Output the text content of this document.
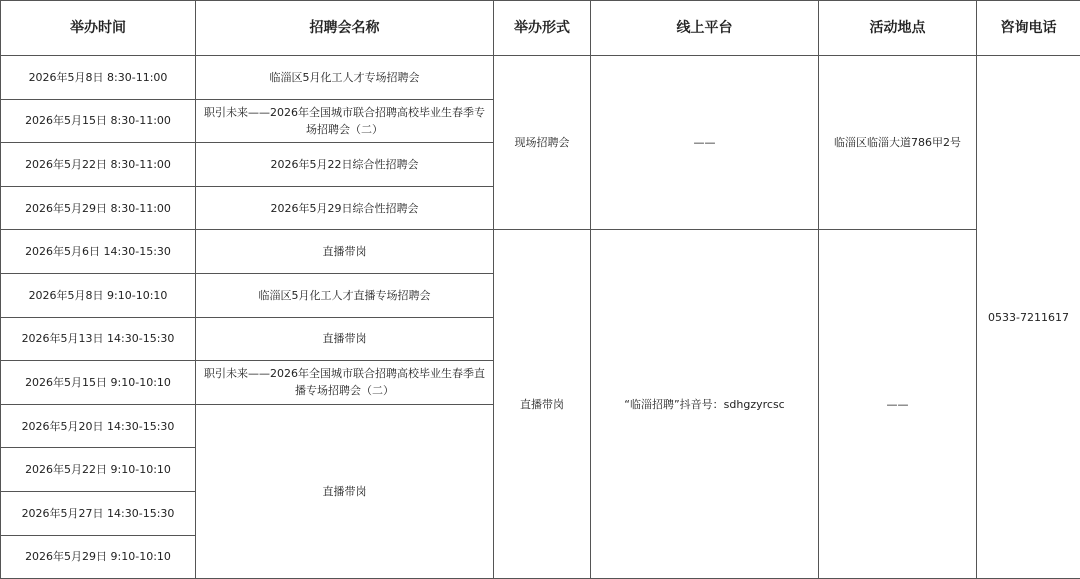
举办时间	招聘会名称	举办形式	线上平台	活动地点	咨询电话
2026年5月8日 8:30-11:00	临淄区5月化工人才专场招聘会	现场招聘会	——	临淄区临淄大道786甲2号	0533-7211617
2026年5月15日 8:30-11:00	职引未来——2026年全国城市联合招聘高校毕业生春季专场招聘会（二）				
2026年5月22日 8:30-11:00	2026年5月22日综合性招聘会				
2026年5月29日 8:30-11:00	2026年5月29日综合性招聘会				
2026年5月6日 14:30-15:30	直播带岗	直播带岗	“临淄招聘”抖音号：sdhgzyrcsc	——	
2026年5月8日 9:10-10:10	临淄区5月化工人才直播专场招聘会				
2026年5月13日 14:30-15:30	直播带岗				
2026年5月15日 9:10-10:10	职引未来——2026年全国城市联合招聘高校毕业生春季直播专场招聘会（二）				
2026年5月20日 14:30-15:30	直播带岗				
2026年5月22日 9:10-10:10					
2026年5月27日 14:30-15:30					
2026年5月29日 9:10-10:10					
